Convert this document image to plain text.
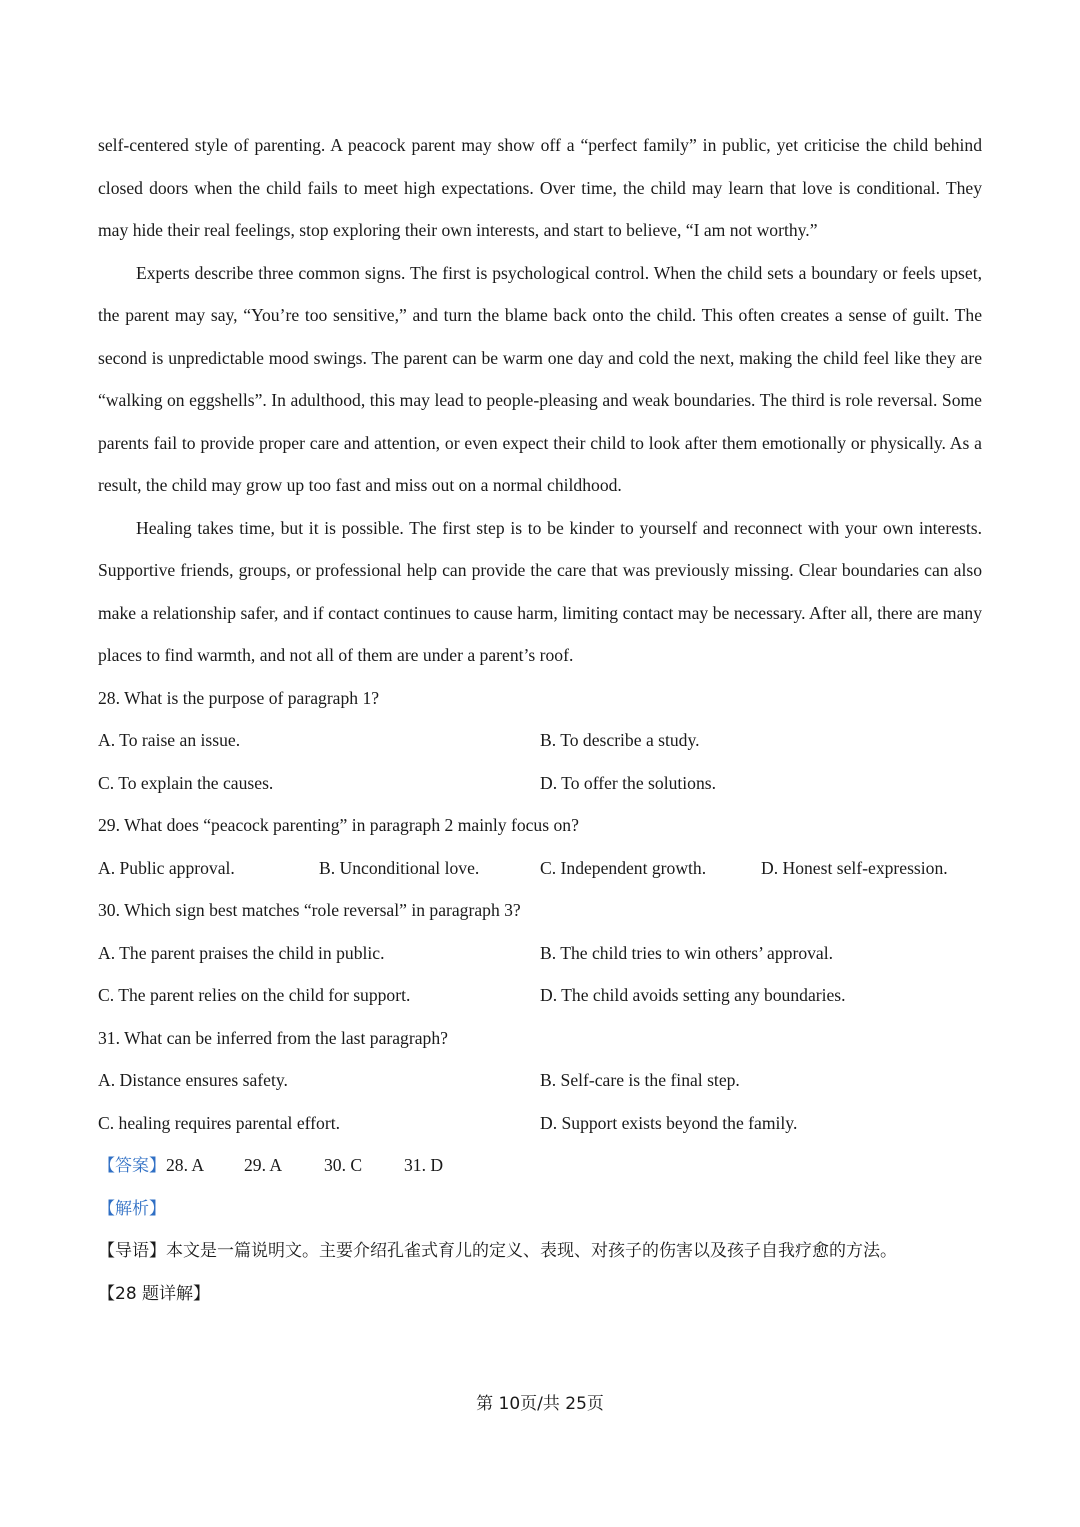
self-centered style of parenting. A peacock parent may show off a “perfect family” in public, yet criticise the child behind closed doors when the child fails to meet high expectations. Over time, the child may learn that love is conditional. They may hide their real feelings, stop exploring their own interests, and start to believe, “I am not worthy.”

Experts describe three common signs. The first is psychological control. When the child sets a boundary or feels upset, the parent may say, “You’re too sensitive,” and turn the blame back onto the child. This often creates a sense of guilt. The second is unpredictable mood swings. The parent can be warm one day and cold the next, making the child feel like they are “walking on eggshells”. In adulthood, this may lead to people-pleasing and weak boundaries. The third is role reversal. Some parents fail to provide proper care and attention, or even expect their child to look after them emotionally or physically. As a result, the child may grow up too fast and miss out on a normal childhood.

Healing takes time, but it is possible. The first step is to be kinder to yourself and reconnect with your own interests. Supportive friends, groups, or professional help can provide the care that was previously missing. Clear boundaries can also make a relationship safer, and if contact continues to cause harm, limiting contact may be necessary. After all, there are many places to find warmth, and not all of them are under a parent’s roof.

28. What is the purpose of paragraph 1?

A. To raise an issue.	B. To describe a study.
C. To explain the causes.	D. To offer the solutions.

29. What does “peacock parenting” in paragraph 2 mainly focus on?

A. Public approval.	B. Unconditional love.	C. Independent growth.	D. Honest self-expression.

30. Which sign best matches “role reversal” in paragraph 3?

A. The parent praises the child in public.	B. The child tries to win others’ approval.
C. The parent relies on the child for support.	D. The child avoids setting any boundaries.

31. What can be inferred from the last paragraph?

A. Distance ensures safety.	B. Self-care is the final step.
C. healing requires parental effort.	D. Support exists beyond the family.
【答案】28. A 29. A 30. C 31. D
【解析】
【导语】本文是一篇说明文。主要介绍孔雀式育儿的定义、表现、对孩子的伤害以及孩子自我疗愈的方法。
【28 题详解】
第 10页/共 25页
